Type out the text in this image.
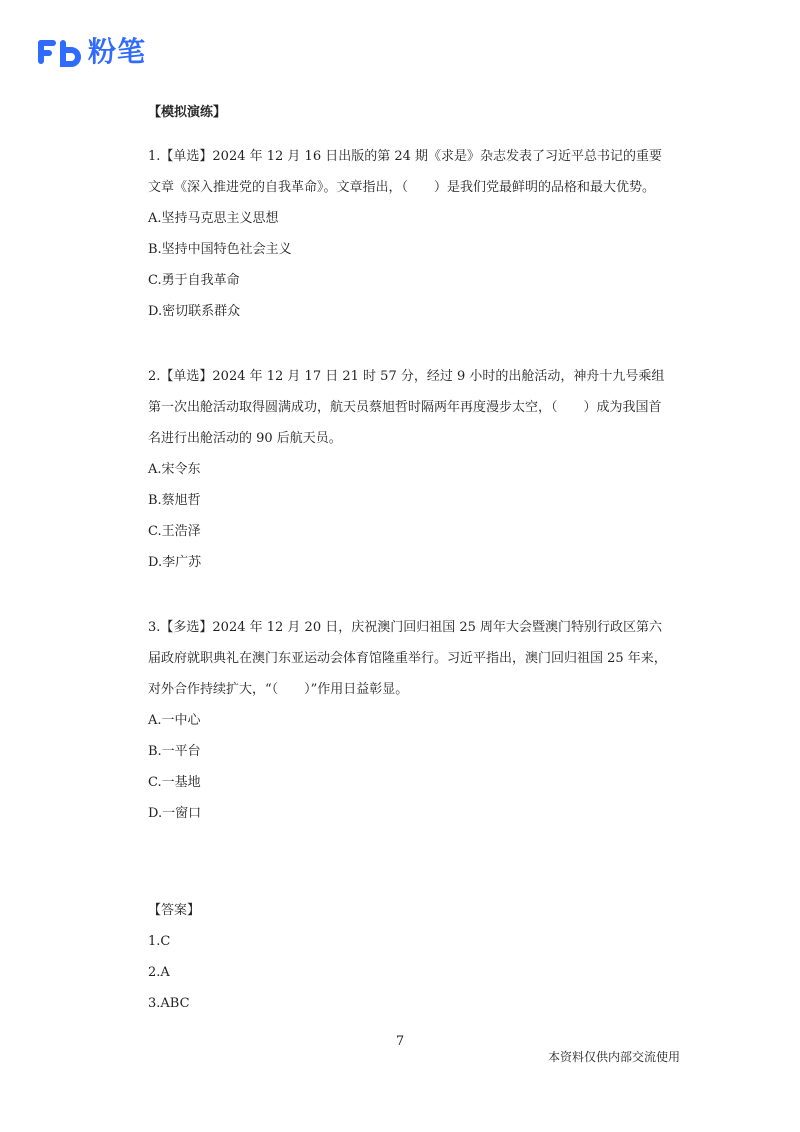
粉笔
【模拟演练】
1.【单选】2024 年 12 月 16 日出版的第 24 期《求是》杂志发表了习近平总书记的重要
文章《深入推进党的自我革命》。文章指出，（　　）是我们党最鲜明的品格和最大优势。
A.坚持马克思主义思想
B.坚持中国特色社会主义
C.勇于自我革命
D.密切联系群众
2.【单选】2024 年 12 月 17 日 21 时 57 分，经过 9 小时的出舱活动，神舟十九号乘组
第一次出舱活动取得圆满成功，航天员蔡旭哲时隔两年再度漫步太空，（　　）成为我国首
名进行出舱活动的 90 后航天员。
A.宋令东
B.蔡旭哲
C.王浩泽
D.李广苏
3.【多选】2024 年 12 月 20 日，庆祝澳门回归祖国 25 周年大会暨澳门特别行政区第六
届政府就职典礼在澳门东亚运动会体育馆隆重举行。习近平指出，澳门回归祖国 25 年来，
对外合作持续扩大，“（　　）”作用日益彰显。
A.一中心
B.一平台
C.一基地
D.一窗口
【答案】
1.C
2.A
3.ABC
7
本资料仅供内部交流使用
